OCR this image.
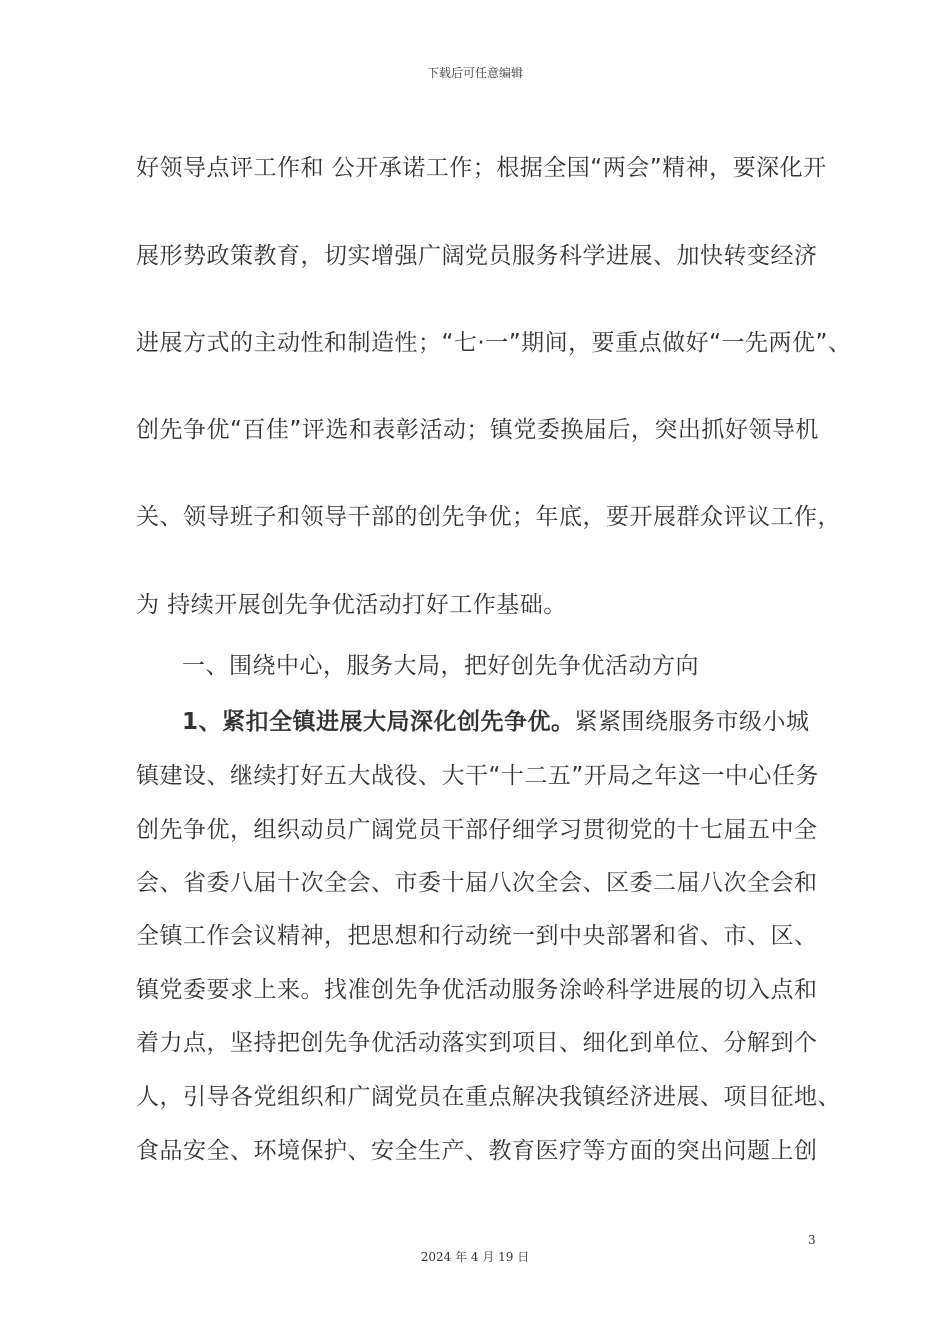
下载后可任意编辑
好领导点评工作和 公开承诺工作；根据全国“两会”精神，要深化开
展形势政策教育，切实增强广阔党员服务科学进展、加快转变经济
进展方式的主动性和制造性；“七·一”期间，要重点做好“一先两优”、
创先争优“百佳”评选和表彰活动；镇党委换届后，突出抓好领导机
关、领导班子和领导干部的创先争优；年底，要开展群众评议工作，
为 持续开展创先争优活动打好工作基础。
一、围绕中心，服务大局，把好创先争优活动方向
1、紧扣全镇进展大局深化创先争优。紧紧围绕服务市级小城
镇建设、继续打好五大战役、大干“十二五”开局之年这一中心任务
创先争优，组织动员广阔党员干部仔细学习贯彻党的十七届五中全
会、省委八届十次全会、市委十届八次全会、区委二届八次全会和
全镇工作会议精神，把思想和行动统一到中央部署和省、市、区、
镇党委要求上来。找准创先争优活动服务涂岭科学进展的切入点和
着力点，坚持把创先争优活动落实到项目、细化到单位、分解到个
人，引导各党组织和广阔党员在重点解决我镇经济进展、项目征地、
食品安全、环境保护、安全生产、教育医疗等方面的突出问题上创
3
2024 年 4 月 19 日
